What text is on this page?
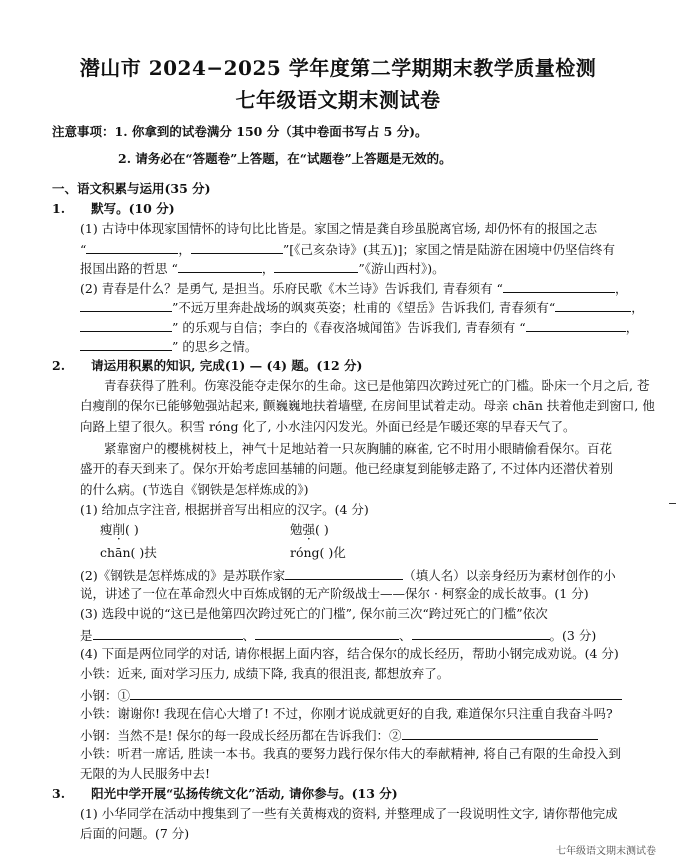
潜山市 2024−2025 学年度第二学期期末教学质量检测
七年级语文期末测试卷
注意事项：1. 你拿到的试卷满分 150 分（其中卷面书写占 5 分)。
2. 请务必在“答题卷”上答题，在“试题卷”上答题是无效的。
一、语文积累与运用(35 分)
1. 默写。(10 分)
(1) 古诗中体现家国情怀的诗句比比皆是。家国之情是龚自珍虽脱离官场, 却仍怀有的报国之志
“	，	”[《己亥杂诗》(其五)]；家国之情是陆游在困境中仍坚信终有
报国出路的哲思 “	，	”《游山西村》)。
(2) 青春是什么？是勇气, 是担当。乐府民歌《木兰诗》告诉我们, 青春须有 “	，
”不远万里奔赴战场的飒爽英姿；杜甫的《望岳》告诉我们, 青春须有“	，
” 的乐观与自信；李白的《春夜洛城闻笛》告诉我们, 青春须有 “	，
” 的思乡之情。
2. 请运用积累的知识, 完成(1) — (4) 题。(12 分)
青春获得了胜利。伤寒没能夺走保尔的生命。这已是他第四次跨过死亡的门槛。卧床一个月之后, 苍
白瘦削的保尔已能够勉强站起来, 颤巍巍地扶着墙壁, 在房间里试着走动。母亲 chān 扶着他走到窗口, 他
向路上望了很久。积雪 róng 化了, 小水洼闪闪发光。外面已经是乍暖还寒的早春天气了。
紧靠窗户的樱桃树枝上，神气十足地站着一只灰胸脯的麻雀, 它不时用小眼睛偷看保尔。百花
盛开的春天到来了。保尔开始考虑回基辅的问题。他已经康复到能够走路了, 不过体内还潜伏着别
的什么病。(节选自《钢铁是怎样炼成的》)
(1) 给加点字注音, 根据拼音写出相应的汉字。(4 分)
瘦削( )	勉强( )
chān( )扶	róng( )化
(2)《钢铁是怎样炼成的》是苏联作家	（填人名）以亲身经历为素材创作的小
说，讲述了一位在革命烈火中百炼成钢的无产阶级战士——保尔 · 柯察金的成长故事。(1 分)
(3) 选段中说的“这已是他第四次跨过死亡的门槛”, 保尔前三次“跨过死亡的门槛”依次
是	、	、	。(3 分)
(4) 下面是两位同学的对话, 请你根据上面内容，结合保尔的成长经历，帮助小钢完成劝说。(4 分)
小铁：近来, 面对学习压力, 成绩下降, 我真的很沮丧, 都想放弃了。
小钢：①
小铁：谢谢你! 我现在信心大增了! 不过，你刚才说成就更好的自我, 难道保尔只注重自我奋斗吗?
小钢：当然不是! 保尔的每一段成长经历都在告诉我们：②
小铁：听君一席话, 胜读一本书。我真的要努力践行保尔伟大的奉献精神, 将自己有限的生命投入到
无限的为人民服务中去!
3. 阳光中学开展“弘扬传统文化”活动, 请你参与。(13 分)
(1) 小华同学在活动中搜集到了一些有关黄梅戏的资料, 并整理成了一段说明性文字, 请你帮他完成
后面的问题。(7 分)
七年级语文期末测试卷
